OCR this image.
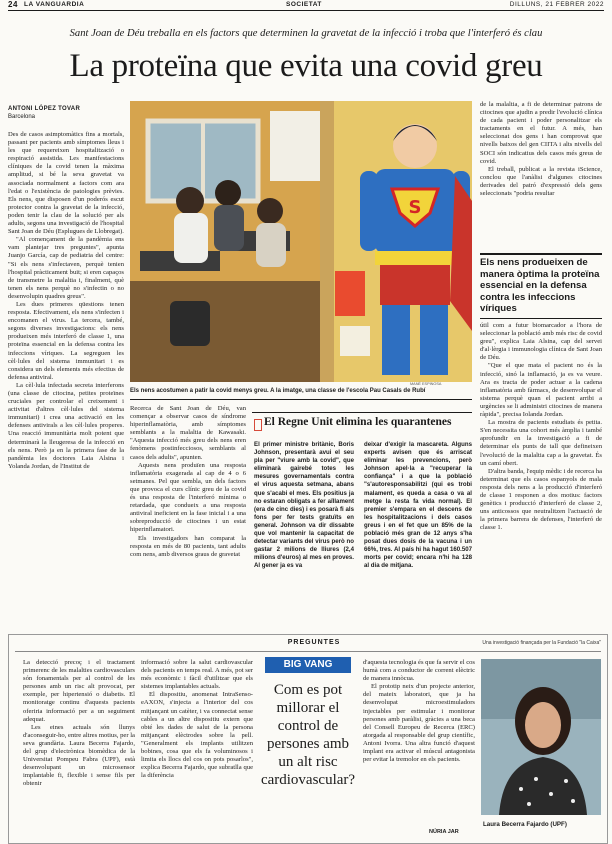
24 LA VANGUARDIA	SOCIETAT	DILLUNS, 21 FEBRER 2022
Sant Joan de Déu treballa en els factors que determinen la gravetat de la infecció i troba que l'interferó és clau
La proteïna que evita una covid greu
ANTONI LÓPEZ TOVAR
Barcelona

Des de casos asimptomàtics fins a mortals, passant per pacients amb símptomes lleus i les que requereixen hospitalització o respiració assistida. Les manifestacions clíniques de la covid tenen la màxima amplitud, si bé la seva gravetat va associada normalment a factors com ara l'edat o l'existència de patologies prèvies. Els nens, que disposen d'un poderós escut protector contra la gravetat de la infecció, poden tenir la clau de la solució per als adults, segons una investigació de l'hospital Sant Joan de Déu (Esplugues de Llobregat).

"Al començament de la pandèmia ens vam plantejar tres preguntes", apunta Juanjo García, cap de pediatria del centre: "Si els nens s'infectaven, perquè tenien l'hospital pràcticament buit; si eren capaços de transmetre la malaltia i, finalment, què tenen els nens perquè no s'infectin o no desenvolupin quadres greus".

Les dues primeres qüestions tenen resposta. Efectivament, els nens s'infecten i encomanen el virus. La tercera, també, segons diverses investigacions: els nens produeixen més interferó de classe 1, una proteïna essencial en la defensa contra les infeccions víriques. La segreguen les cèl·lules del sistema immunitari i es considera un dels elements més efectius de defensa antiviral.

La cèl·lula infectada secreta interferons (una classe de citocina, petites proteïnes cruciales per controlar el creixement i activitat d'altres cèl·lules del sistema immunitari) i crea una activació en les defenses antivirals a les cèl·lules properes. Una reacció immunitària molt potent que determinarà la lleugeresa de la infecció en els nens. Però ja en la primera fase de la pandèmia les doctores Laia Alsina i Yolanda Jordan, de l'Institut de

S
MANÉ ESPINOSA
Els nens acostumen a patir la covid menys greu. A la imatge, una classe de l'escola Pau Casals de Rubí

Recerca de Sant Joan de Déu, van començar a observar casos de síndrome hiperinflamatòria, amb símptomes semblants a la malaltia de Kawasaki. "Aquesta infecció més greu dels nens eren fenòmens postinfecciosos, semblants al casos dels adults", apunten.

Aquests nens produïen una resposta inflamatòria exagerada al cap de 4 o 6 setmanes. Pel que sembla, un dels factors que provoca el curs clínic greu de la covid és una resposta de l'interferó mínima o retardada, que condueix a una resposta antiviral ineficient en la fase inicial i a una sobreproducció de citocines i un estat hiperinflamatori.

Els investigadors han comparat la resposta en més de 80 pacients, tant adults com nens, amb diversos graus de gravetat

El Regne Unit elimina les quarantenes
El primer ministre britànic, Boris Johnson, presentarà avui el seu pla per "viure amb la covid", que eliminarà gairebé totes les mesures governamentals contra el virus aquesta setmana, abans que s'acabi el mes. Els positius ja no estaran obligats a fer aïllament (era de cinc dies) i es posarà fi als fons per fer tests gratuïts en general. Johnson va dir dissabte que vol mantenir la capacitat de detectar variants del virus però no gastar 2 milions de lliures (2,4 milions d'euros) al mes en proves. Al gener ja es va
deixar d'exigir la mascareta. Alguns experts avisen que és arriscat eliminar les prevencions, però Johnson apel·la a "recuperar la confiança" i a que la població "s'autoresponsabilitzi (qui es trobi malament, es queda a casa o va al metge la resta fa vida normal). El premier s'empara en el descens de les hospitalitzacions i dels casos greus i en el fet que un 85% de la població més gran de 12 anys s'ha posat dues dosis de la vacuna i un 66%, tres. Al país hi ha hagut 160.507 morts per covid; encara n'hi ha 128 al dia de mitjana.

de la malaltia, a fi de determinar patrons de citocines que ajudin a predir l'evolució clínica de cada pacient i poder personalitzar els tractaments en el futur. A més, han seleccionat dos gens i han comprovat que nivells baixos del gen CIITA i alts nivells del SOCI són indicatius dels casos més greus de covid.

El treball, publicat a la revista iScience, conclou que l'anàlisi d'algunes citocines derivades del patró d'expressió dels gens seleccionats "podria resultar

Els nens produeixen de manera òptima la proteïna essencial en la defensa contra les infeccions víriques

útil com a futur biomarcador a l'hora de seleccionar la població amb més risc de covid greu", explica Laia Alsina, cap del servei d'al·lèrgia i immunologia clínica de Sant Joan de Déu.

"Que el que mata el pacient no és la infecció, sinó la inflamació, ja es va veure. Ara es tracta de poder actuar a la cadena inflamatòria amb fàrmacs, de desenvolupar el sistema perquè quan el pacient arribi a urgències se li administri citocines de manera ràpida", precisa Iolanda Jordan.

La mostra de pacients estudiats és petita. S'en necessita una cohort més àmplia i també aprofundir en la investigació a fi de determinar els punts de tall que defineixen l'evolució de la malaltia cap a la gravetat. És un camí obert.

D'altra banda, l'equip mèdic i de recerca ha determinat que els casos espanyols de mala resposta dels nens a la producció d'interferó de classe 1 responen a dos motius: factors genètics i producció d'interferó de classe 2, uns anticossos que neutralitzen l'actuació de la primera barrera de defenses, l'interferó de classe 1.

PREGUNTES	Una investigació finançada per la Fundació "la Caixa"

La detecció precoç i el tractament primerenc de les malalties cardiovasculars són fonamentals per al control de les persones amb un risc alt provocat, per exemple, per hipertensió o diabetis. El monitoratge continu d'aquests pacients oferiria informació per a un seguiment adequat.

Les eines actuals són llunys d'aconseguir-ho, entre altres motius, per la seva grandària. Laura Becerra Fajardo, del grup d'electrònica biomèdica de la Universitat Pompeu Fabra (UPF), està desenvolupant un microsensor implantable fi, flexible i sense fils per obtenir

informació sobre la salut cardiovascular dels pacients en temps real. A més, pot ser més econòmic i fàcil d'utilitzar que els sistemes implantables actuals.

El dispositiu, anomenat IntraSenso-eAXON, s'injecta a l'interior del cos mitjançant un catèter, i va connectat sense cables a un altre dispositiu extern que obté les dades de salut de la persona mitjançant elèctrodes sobre la pell. "Generalment els implants utilitzen bobines, cosa que els fa voluminosos i limita els llocs del cos on pots posarlos", explica Becerra Fajardo, que subratlla que la diferència

BIG VANG
Com es pot millorar el control de persones amb un alt risc cardiovascular?

d'aquesta tecnologia és que fa servir el cos humà com a conductor de corrent elèctric de manera innòcua.

El prototip neix d'un projecte anterior, del mateix laboratori, que ja ha desenvolupat microestimuladors injectables per estimular i monitorar persones amb paràlisi, gràcies a una beca del Consell Europeu de Recerca (ERC) atorgada al responsable del grup científic, Antoni Ivorra. Una altra funció d'aquest implant era activar el múscul antagonista per evitar la tremolor en els pacients.

NÚRIA JAR
Laura Becerra Fajardo (UPF)
